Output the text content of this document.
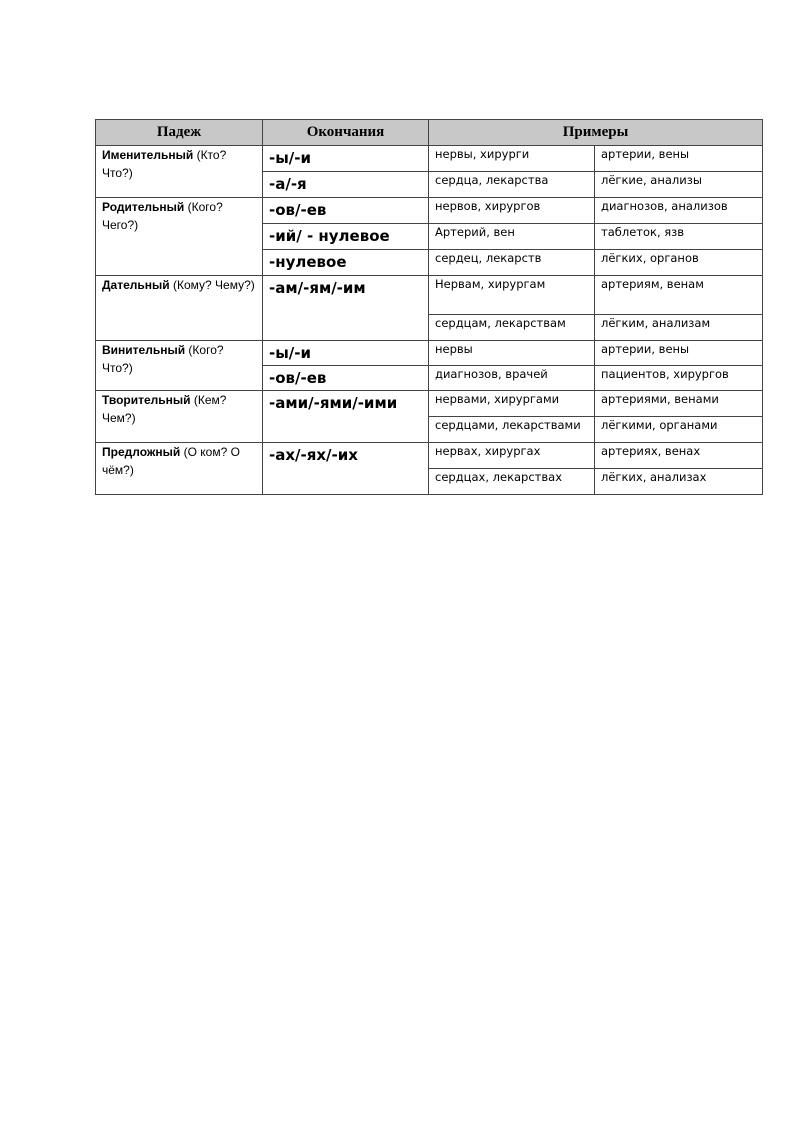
Падеж	Окончания	Примеры	
Именительный (Кто? Что?)	-ы/-и	нервы, хирурги	артерии, вены
	-а/-я	сердца, лекарства	лёгкие, анализы
Родительный (Кого? Чего?)	-ов/-ев	нервов, хирургов	диагнозов, анализов
	-ий/ - нулевое	Артерий, вен	таблеток, язв
	-нулевое	сердец, лекарств	лёгких, органов
Дательный (Кому? Чему?)	-ам/-ям/-им	Нервам, хирургам	артериям, венам
		сердцам, лекарствам	лёгким, анализам
Винительный (Кого? Что?)	-ы/-и	нервы	артерии, вены
	-ов/-ев	диагнозов, врачей	пациентов, хирургов
Творительный (Кем? Чем?)	-ами/-ями/-ими	нервами, хирургами	артериями, венами
		сердцами, лекарствами	лёгкими, органами
Предложный (О ком? О чём?)	-ах/-ях/-их	нервах, хирургах	артериях, венах
		сердцах, лекарствах	лёгких, анализах
